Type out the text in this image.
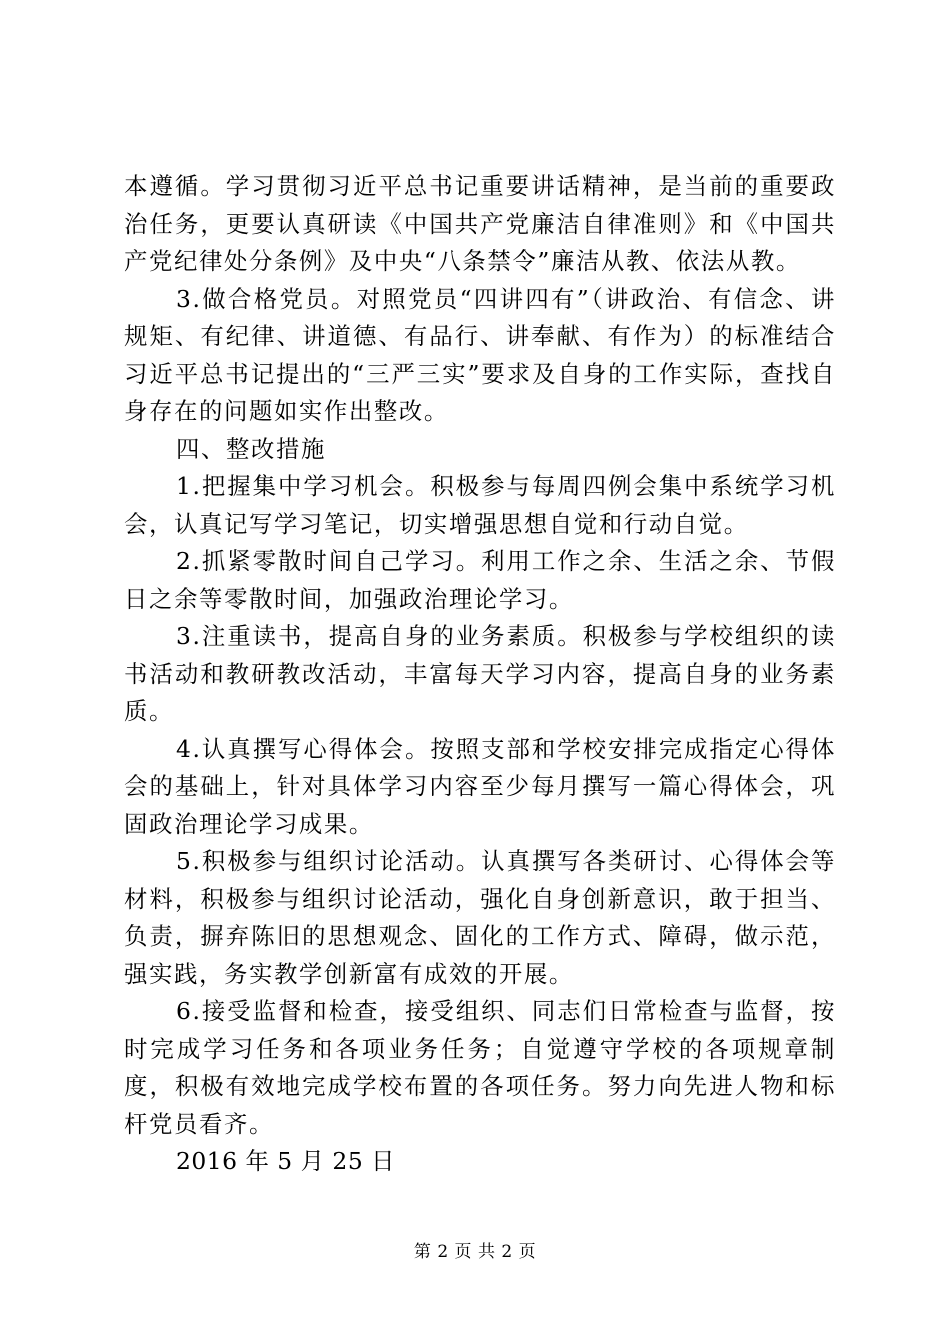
本遵循。学习贯彻习近平总书记重要讲话精神，是当前的重要政治任务，更要认真研读《中国共产党廉洁自律准则》和《中国共产党纪律处分条例》及中央“八条禁令”廉洁从教、依法从教。

3.做合格党员。对照党员“四讲四有”（讲政治、有信念、讲规矩、有纪律、讲道德、有品行、讲奉献、有作为）的标准结合习近平总书记提出的“三严三实”要求及自身的工作实际，查找自身存在的问题如实作出整改。

四、整改措施

1.把握集中学习机会。积极参与每周四例会集中系统学习机会，认真记写学习笔记，切实增强思想自觉和行动自觉。

2.抓紧零散时间自己学习。利用工作之余、生活之余、节假日之余等零散时间，加强政治理论学习。

3.注重读书，提高自身的业务素质。积极参与学校组织的读书活动和教研教改活动，丰富每天学习内容，提高自身的业务素质。

4.认真撰写心得体会。按照支部和学校安排完成指定心得体会的基础上，针对具体学习内容至少每月撰写一篇心得体会，巩固政治理论学习成果。

5.积极参与组织讨论活动。认真撰写各类研讨、心得体会等材料，积极参与组织讨论活动，强化自身创新意识，敢于担当、负责，摒弃陈旧的思想观念、固化的工作方式、障碍，做示范，强实践，务实教学创新富有成效的开展。

6.接受监督和检查，接受组织、同志们日常检查与监督，按时完成学习任务和各项业务任务；自觉遵守学校的各项规章制度，积极有效地完成学校布置的各项任务。努力向先进人物和标杆党员看齐。

2016 年 5 月 25 日

第 2 页 共 2 页
